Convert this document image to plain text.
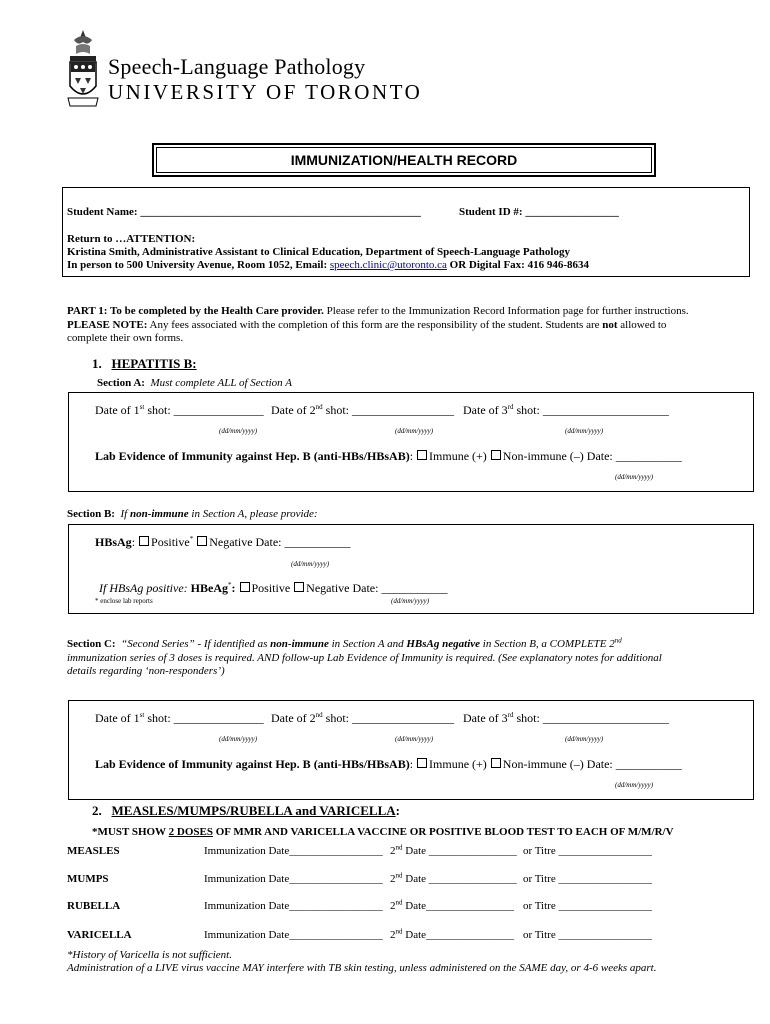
Speech-Language Pathology
UNIVERSITY OF TORONTO
IMMUNIZATION/HEALTH RECORD
Student Name: ___________________________________________________	Student ID #: _________________
Return to …ATTENTION:
Kristina Smith, Administrative Assistant to Clinical Education, Department of Speech-Language Pathology
In person to 500 University Avenue, Room 1052, Email: speech.clinic@utoronto.ca OR Digital Fax: 416 946-8634
PART 1: To be completed by the Health Care provider. Please refer to the Immunization Record Information page for further instructions.
PLEASE NOTE: Any fees associated with the completion of this form are the responsibility of the student. Students are not allowed to
complete their own forms.
1. HEPATITIS B:
Section A: Must complete ALL of Section A
Date of 1st shot: _______________ Date of 2nd shot: _________________ Date of 3rd shot: _____________________
(dd/mm/yyyy)	(dd/mm/yyyy)	(dd/mm/yyyy)
Lab Evidence of Immunity against Hep. B (anti-HBs/HBsAB): Immune (+) Non-immune (–) Date: ___________
(dd/mm/yyyy)
Section B: If non-immune in Section A, please provide:
HBsAg: Positive* Negative Date: ___________
(dd/mm/yyyy)
If HBsAg positive: HBeAg*: Positive Negative Date: ___________
* enclose lab reports	(dd/mm/yyyy)
Section C: “Second Series” - If identified as non-immune in Section A and HBsAg negative in Section B, a COMPLETE 2nd
immunization series of 3 doses is required. AND follow-up Lab Evidence of Immunity is required. (See explanatory notes for additional
details regarding ‘non-responders’)
Date of 1st shot: _______________ Date of 2nd shot: _________________ Date of 3rd shot: _____________________
(dd/mm/yyyy)	(dd/mm/yyyy)	(dd/mm/yyyy)
Lab Evidence of Immunity against Hep. B (anti-HBs/HBsAB): Immune (+) Non-immune (–) Date: ___________
(dd/mm/yyyy)
2. MEASLES/MUMPS/RUBELLA and VARICELLA:
*MUST SHOW 2 DOSES OF MMR AND VARICELLA VACCINE OR POSITIVE BLOOD TEST TO EACH OF M/M/R/V
MEASLES	Immunization Date_________________ 2nd Date ________________ or Titre _________________
MUMPS	Immunization Date_________________ 2nd Date ________________ or Titre _________________
RUBELLA	Immunization Date_________________ 2nd Date________________ or Titre _________________
VARICELLA	Immunization Date_________________ 2nd Date________________ or Titre _________________
*History of Varicella is not sufficient.
Administration of a LIVE virus vaccine MAY interfere with TB skin testing, unless administered on the SAME day, or 4-6 weeks apart.
